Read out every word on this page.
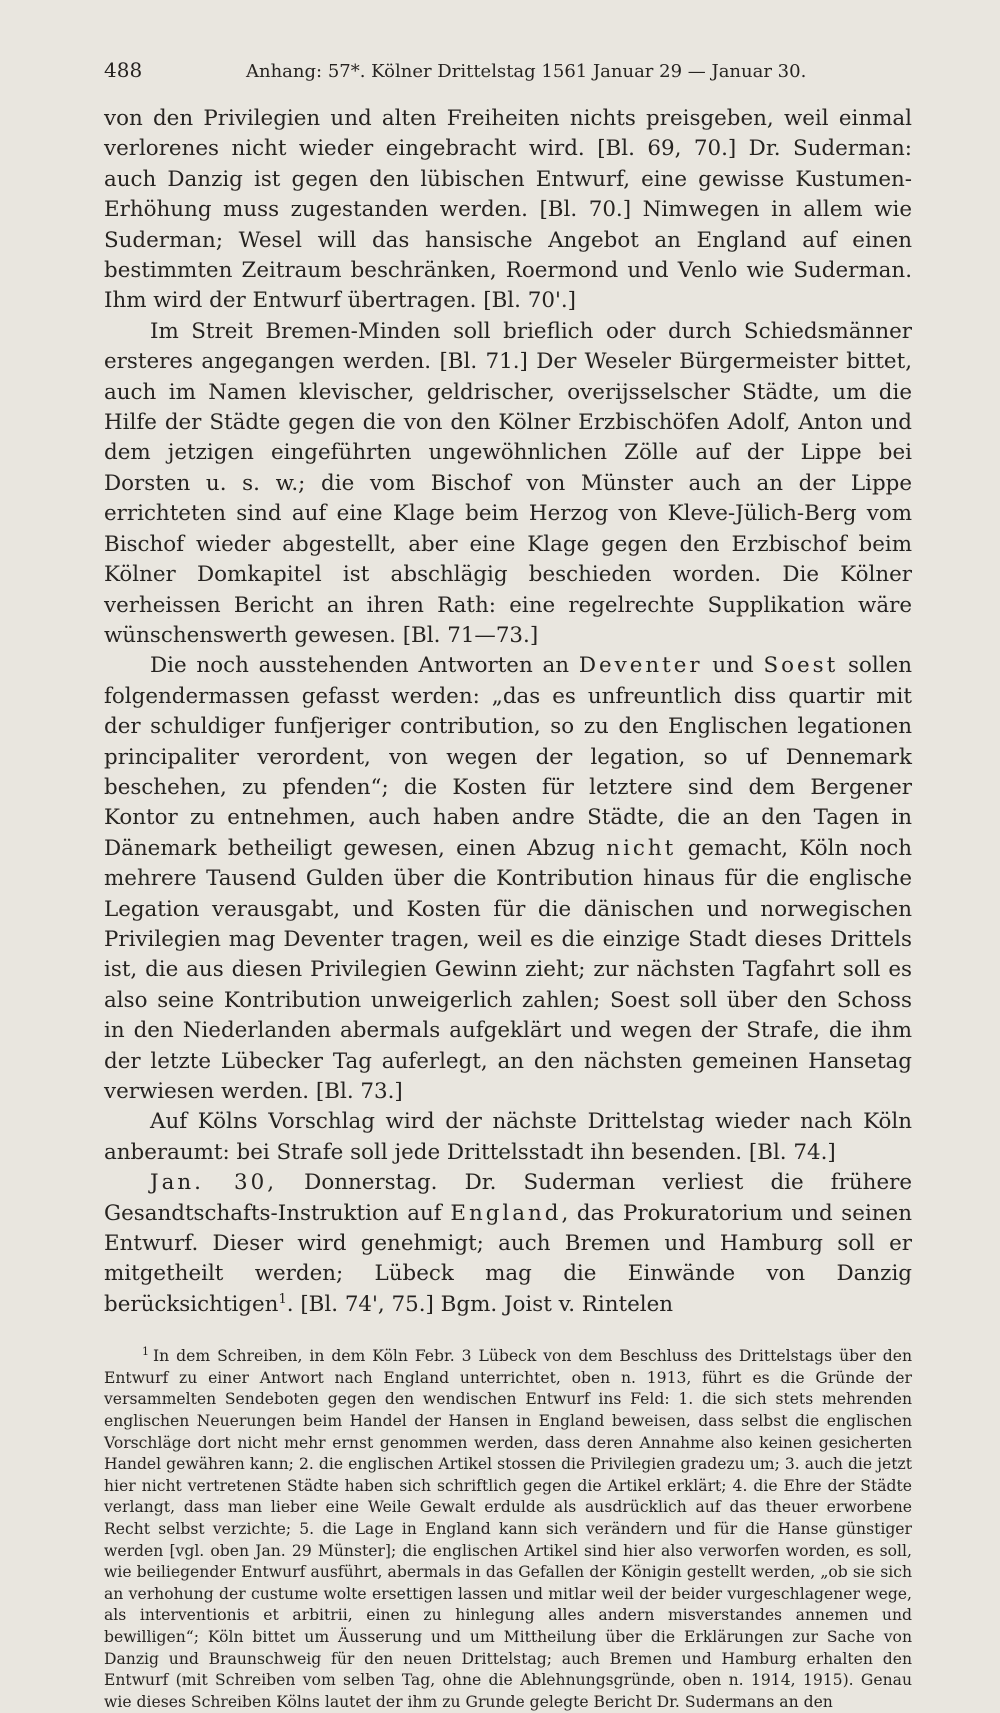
488	Anhang: 57*. Kölner Drittelstag 1561 Januar 29 — Januar 30.

von den Privilegien und alten Freiheiten nichts preisgeben, weil einmal verlorenes nicht wieder eingebracht wird. [Bl. 69, 70.] Dr. Suderman: auch Danzig ist gegen den lübischen Entwurf, eine gewisse Kustumen-Erhöhung muss zugestanden werden. [Bl. 70.] Nimwegen in allem wie Suderman; Wesel will das hansische Angebot an England auf einen bestimmten Zeitraum beschränken, Roermond und Venlo wie Suderman. Ihm wird der Entwurf übertragen. [Bl. 70'.]

Im Streit Bremen-Minden soll brieflich oder durch Schiedsmänner ersteres angegangen werden. [Bl. 71.] Der Weseler Bürgermeister bittet, auch im Namen klevischer, geldrischer, overijsselscher Städte, um die Hilfe der Städte gegen die von den Kölner Erzbischöfen Adolf, Anton und dem jetzigen eingeführten ungewöhnlichen Zölle auf der Lippe bei Dorsten u. s. w.; die vom Bischof von Münster auch an der Lippe errichteten sind auf eine Klage beim Herzog von Kleve-Jülich-Berg vom Bischof wieder abgestellt, aber eine Klage gegen den Erzbischof beim Kölner Domkapitel ist abschlägig beschieden worden. Die Kölner verheissen Bericht an ihren Rath: eine regelrechte Supplikation wäre wünschenswerth gewesen. [Bl. 71—73.]

Die noch ausstehenden Antworten an Deventer und Soest sollen folgendermassen gefasst werden: „das es unfreuntlich diss quartir mit der schuldiger funfjeriger contribution, so zu den Englischen legationen principaliter verordent, von wegen der legation, so uf Dennemark beschehen, zu pfenden“; die Kosten für letztere sind dem Bergener Kontor zu entnehmen, auch haben andre Städte, die an den Tagen in Dänemark betheiligt gewesen, einen Abzug nicht gemacht, Köln noch mehrere Tausend Gulden über die Kontribution hinaus für die englische Legation verausgabt, und Kosten für die dänischen und norwegischen Privilegien mag Deventer tragen, weil es die einzige Stadt dieses Drittels ist, die aus diesen Privilegien Gewinn zieht; zur nächsten Tagfahrt soll es also seine Kontribution unweigerlich zahlen; Soest soll über den Schoss in den Niederlanden abermals aufgeklärt und wegen der Strafe, die ihm der letzte Lübecker Tag auferlegt, an den nächsten gemeinen Hansetag verwiesen werden. [Bl. 73.]

Auf Kölns Vorschlag wird der nächste Drittelstag wieder nach Köln anberaumt: bei Strafe soll jede Drittelsstadt ihn besenden. [Bl. 74.]

Jan. 30, Donnerstag. Dr. Suderman verliest die frühere Gesandtschafts-Instruktion auf England, das Prokuratorium und seinen Entwurf. Dieser wird genehmigt; auch Bremen und Hamburg soll er mitgetheilt werden; Lübeck mag die Einwände von Danzig berücksichtigen$^1$. [Bl. 74', 75.] Bgm. Joist v. Rintelen

$^1$ In dem Schreiben, in dem Köln Febr. 3 Lübeck von dem Beschluss des Drittelstags über den Entwurf zu einer Antwort nach England unterrichtet, oben n. 1913, führt es die Gründe der versammelten Sendeboten gegen den wendischen Entwurf ins Feld: 1. die sich stets mehrenden englischen Neuerungen beim Handel der Hansen in England beweisen, dass selbst die englischen Vorschläge dort nicht mehr ernst genommen werden, dass deren Annahme also keinen gesicherten Handel gewähren kann; 2. die englischen Artikel stossen die Privilegien gradezu um; 3. auch die jetzt hier nicht vertretenen Städte haben sich schriftlich gegen die Artikel erklärt; 4. die Ehre der Städte verlangt, dass man lieber eine Weile Gewalt erdulde als ausdrücklich auf das theuer erworbene Recht selbst verzichte; 5. die Lage in England kann sich verändern und für die Hanse günstiger werden [vgl. oben Jan. 29 Münster]; die englischen Artikel sind hier also verworfen worden, es soll, wie beiliegender Entwurf ausführt, abermals in das Gefallen der Königin gestellt werden, „ob sie sich an verhohung der custume wolte ersettigen lassen und mitlar weil der beider vurgeschlagener wege, als interventionis et arbitrii, einen zu hinlegung alles andern misverstandes annemen und bewilligen“; Köln bittet um Äusserung und um Mittheilung über die Erklärungen zur Sache von Danzig und Braunschweig für den neuen Drittelstag; auch Bremen und Hamburg erhalten den Entwurf (mit Schreiben vom selben Tag, ohne die Ablehnungsgründe, oben n. 1914, 1915). Genau wie dieses Schreiben Kölns lautet der ihm zu Grunde gelegte Bericht Dr. Sudermans an den
